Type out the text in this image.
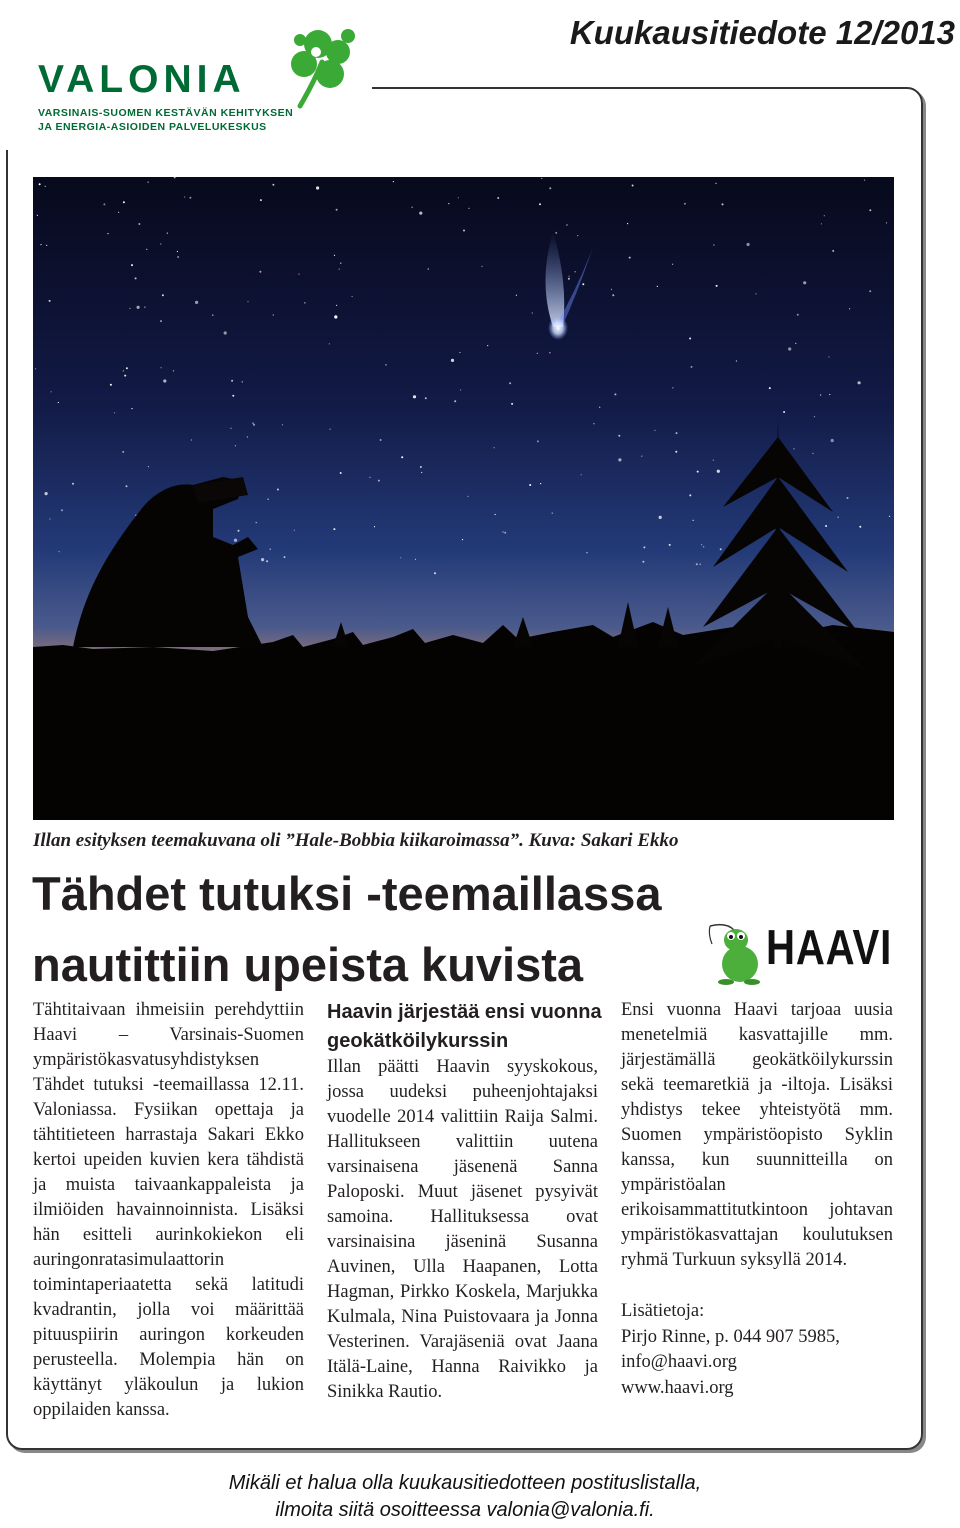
VALONIA
VARSINAIS-SUOMEN KESTÄVÄN KEHITYKSEN
JA ENERGIA-ASIOIDEN PALVELUKESKUS
Kuukausitiedote 12/2013
Illan esityksen teemakuvana oli ”Hale-Bobbia kiikaroimassa”. Kuva: Sakari Ekko
Tähdet tutuksi -teemaillassa
nautittiin upeista kuvista	HAAVI

Tähtitaivaan ihmeisiin perehdyttiin Haavi – Varsinais-Suomen ympäristökasvatusyhdistyksen Tähdet tutuksi -teemaillassa 12.11. Valoniassa. Fysiikan opettaja ja tähtitieteen harrastaja Sakari Ekko kertoi upeiden kuvien kera tähdistä ja muista taivaankappaleista ja ilmiöiden havainnoinnista. Lisäksi hän esitteli aurinkokiekon eli auringonratasimulaattorin toimintaperiaatetta sekä latitudi kvadrantin, jolla voi määrittää pituuspiirin auringon korkeuden perusteella. Molempia hän on käyttänyt yläkoulun ja lukion oppilaiden kanssa.

Haavin järjestää ensi vuonna geokätköilykurssin

Illan päätti Haavin syyskokous, jossa uudeksi puheenjohtajaksi vuodelle 2014 valittiin Raija Salmi. Hallitukseen valittiin uutena varsinaisena jäsenenä Sanna Paloposki. Muut jäsenet pysyivät samoina. Hallituksessa ovat varsinaisina jäseninä Susanna Auvinen, Ulla Haapanen, Lotta Hagman, Pirkko Koskela, Marjukka Kulmala, Nina Puistovaara ja Jonna Vesterinen. Varajäseniä ovat Jaana Itälä-Laine, Hanna Raivikko ja Sinikka Rautio.

Ensi vuonna Haavi tarjoaa uusia menetelmiä kasvattajille mm. järjestämällä geokätköilykurssin sekä teemaretkiä ja -iltoja. Lisäksi yhdistys tekee yhteistyötä mm. Suomen ympäristöopisto Syklin kanssa, kun suunnitteilla on ympäristöalan erikoisammattitutkintoon johtavan ympäristökasvattajan koulutuksen ryhmä Turkuun syksyllä 2014.

Lisätietoja:
Pirjo Rinne, p. 044 907 5985,
info@haavi.org
www.haavi.org
Mikäli et halua olla kuukausitiedotteen postituslistalla,
ilmoita siitä osoitteessa valonia@valonia.fi.
